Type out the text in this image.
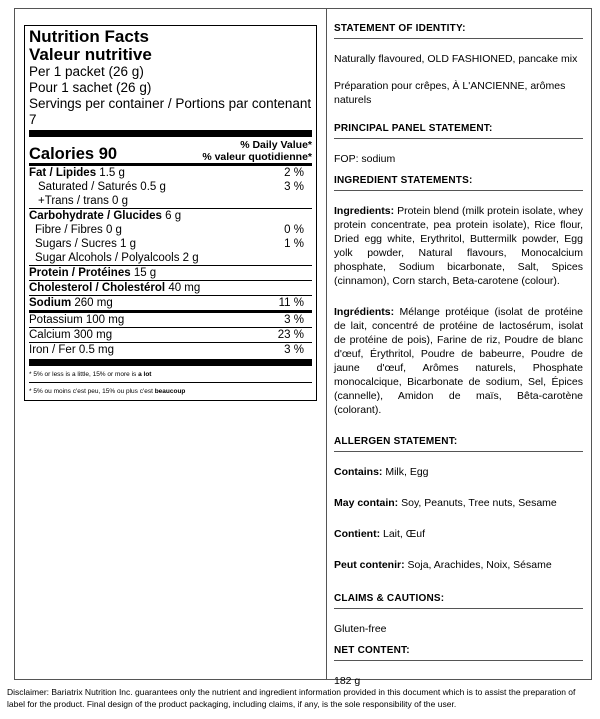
Nutrition Facts
Valeur nutritive
Per 1 packet (26 g)
Pour 1 sachet (26 g)
Servings per container / Portions par contenant
7
Calories 90	% Daily Value*
% valeur quotidienne*
Fat / Lipides 1.5 g	2 %
Saturated / Saturés 0.5 g	3 %
+Trans / trans 0 g
Carbohydrate / Glucides 6 g
Fibre / Fibres 0 g	0 %
Sugars / Sucres 1 g	1 %
Sugar Alcohols / Polyalcools 2 g
Protein / Protéines 15 g
Cholesterol / Cholestérol 40 mg
Sodium 260 mg	11 %
Potassium 100 mg	3 %
Calcium 300 mg	23 %
Iron / Fer 0.5 mg	3 %
* 5% or less is a little, 15% or more is a lot
* 5% ou moins c'est peu, 15% ou plus c'est beaucoup
STATEMENT OF IDENTITY:
Naturally flavoured, OLD FASHIONED, pancake mix
Préparation pour crêpes, À L'ANCIENNE, arômes naturels
PRINCIPAL PANEL STATEMENT:
FOP: sodium
INGREDIENT STATEMENTS:
Ingredients: Protein blend (milk protein isolate, whey protein concentrate, pea protein isolate), Rice flour, Dried egg white, Erythritol, Buttermilk powder, Egg yolk powder, Natural flavours, Monocalcium phosphate, Sodium bicarbonate, Salt, Spices (cinnamon), Corn starch, Beta-carotene (colour).
Ingrédients: Mélange protéique (isolat de protéine de lait, concentré de protéine de lactosérum, isolat de protéine de pois), Farine de riz, Poudre de blanc d'œuf, Érythritol, Poudre de babeurre, Poudre de jaune d'œuf, Arômes naturels, Phosphate monocalcique, Bicarbonate de sodium, Sel, Épices (cannelle), Amidon de maïs, Bêta-carotène (colorant).
ALLERGEN STATEMENT:
Contains: Milk, Egg
May contain: Soy, Peanuts, Tree nuts, Sesame
Contient: Lait, Œuf
Peut contenir: Soja, Arachides, Noix, Sésame
CLAIMS & CAUTIONS:
Gluten-free
NET CONTENT:
182 g
Disclaimer: Bariatrix Nutrition Inc. guarantees only the nutrient and ingredient information provided in this document which is to assist the preparation of label for the product. Final design of the product packaging, including claims, if any, is the sole responsibility of the user.
